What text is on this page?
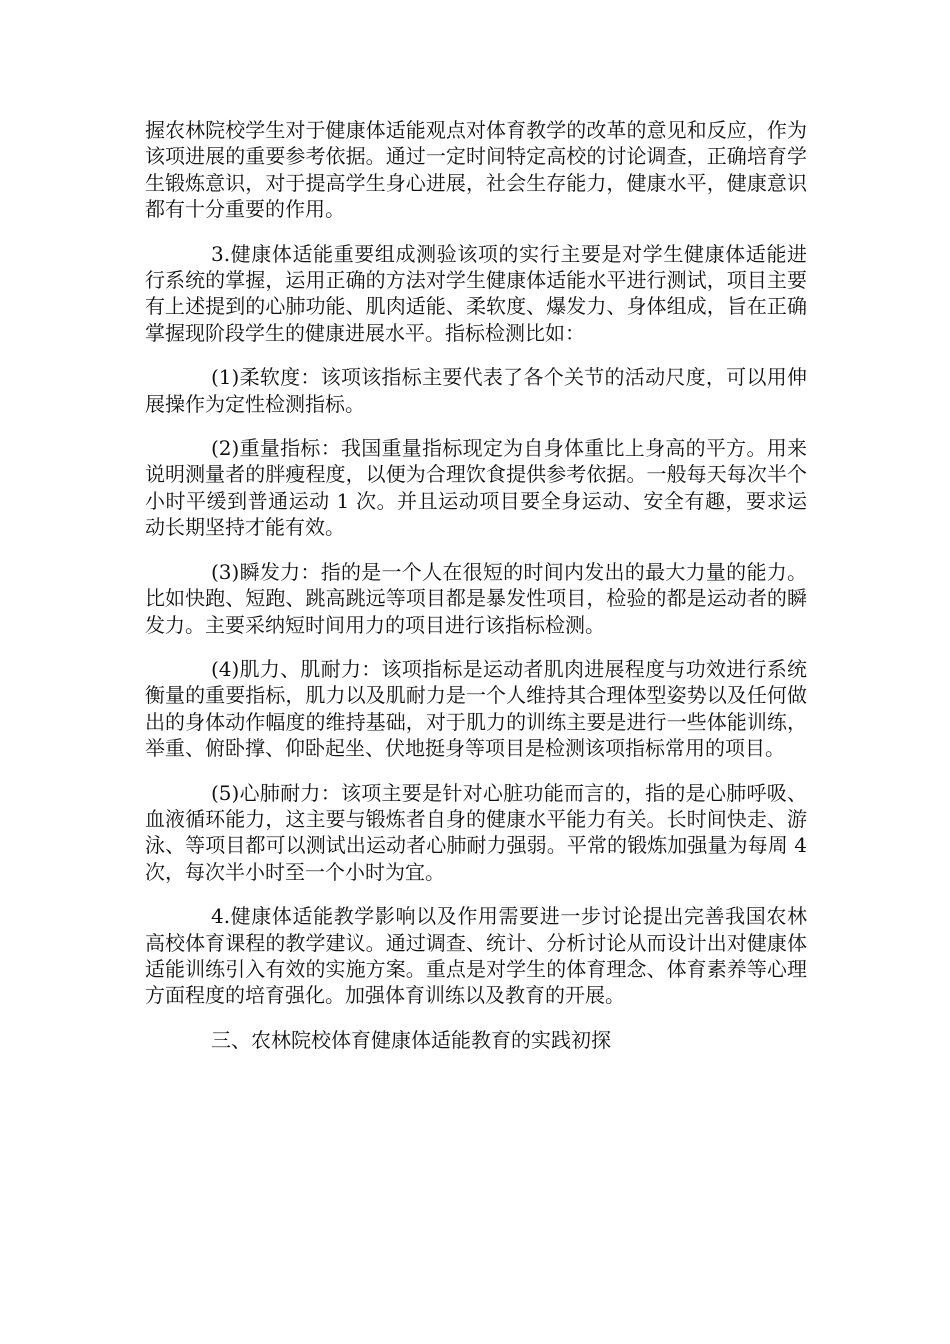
握农林院校学生对于健康体适能观点对体育教学的改革的意见和反应，作为该项进展的重要参考依据。通过一定时间特定高校的讨论调查，正确培育学生锻炼意识，对于提高学生身心进展，社会生存能力，健康水平，健康意识都有十分重要的作用。

3.健康体适能重要组成测验该项的实行主要是对学生健康体适能进行系统的掌握，运用正确的方法对学生健康体适能水平进行测试，项目主要有上述提到的心肺功能、肌肉适能、柔软度、爆发力、身体组成，旨在正确掌握现阶段学生的健康进展水平。指标检测比如：

(1)柔软度：该项该指标主要代表了各个关节的活动尺度，可以用伸展操作为定性检测指标。

(2)重量指标：我国重量指标现定为自身体重比上身高的平方。用来说明测量者的胖瘦程度，以便为合理饮食提供参考依据。一般每天每次半个小时平缓到普通运动 1 次。并且运动项目要全身运动、安全有趣，要求运动长期坚持才能有效。

(3)瞬发力：指的是一个人在很短的时间内发出的最大力量的能力。比如快跑、短跑、跳高跳远等项目都是暴发性项目，检验的都是运动者的瞬发力。主要采纳短时间用力的项目进行该指标检测。

(4)肌力、肌耐力：该项指标是运动者肌肉进展程度与功效进行系统衡量的重要指标，肌力以及肌耐力是一个人维持其合理体型姿势以及任何做出的身体动作幅度的维持基础，对于肌力的训练主要是进行一些体能训练，举重、俯卧撑、仰卧起坐、伏地挺身等项目是检测该项指标常用的项目。

(5)心肺耐力：该项主要是针对心脏功能而言的，指的是心肺呼吸、血液循环能力，这主要与锻炼者自身的健康水平能力有关。长时间快走、游泳、等项目都可以测试出运动者心肺耐力强弱。平常的锻炼加强量为每周 4 次，每次半小时至一个小时为宜。

4.健康体适能教学影响以及作用需要进一步讨论提出完善我国农林高校体育课程的教学建议。通过调查、统计、分析讨论从而设计出对健康体适能训练引入有效的实施方案。重点是对学生的体育理念、体育素养等心理方面程度的培育强化。加强体育训练以及教育的开展。

三、农林院校体育健康体适能教育的实践初探
